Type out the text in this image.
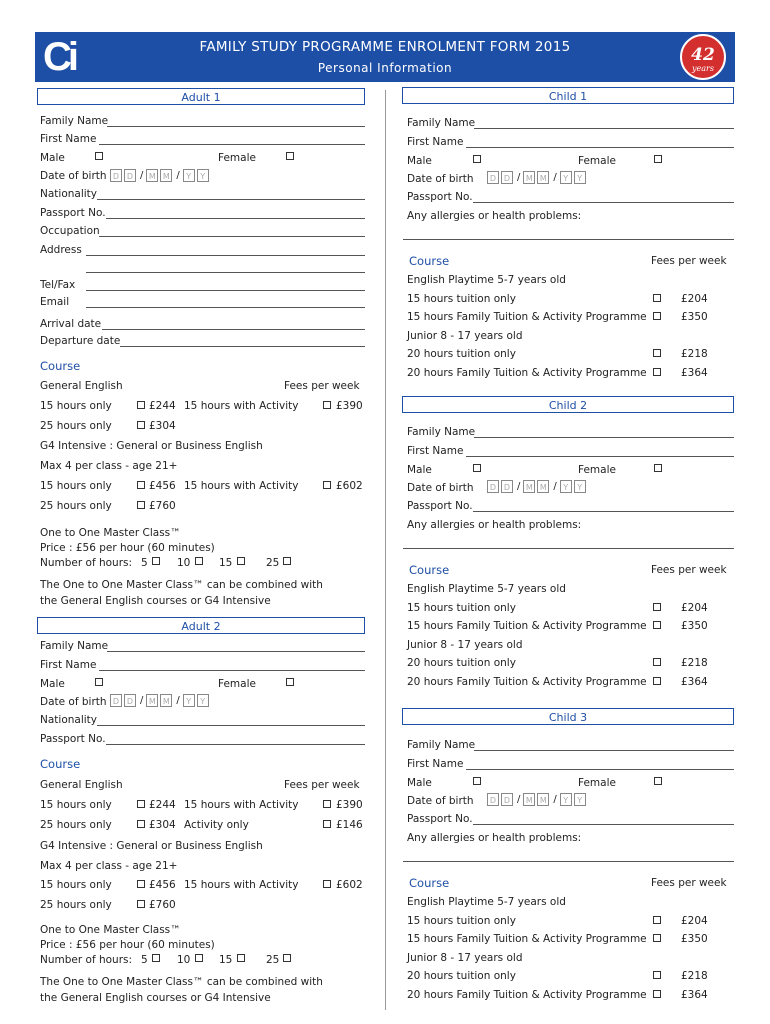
Ci	FAMILY STUDY PROGRAMME ENROLMENT FORM 2015
Personal Information
42
years
Adult 1
Family Name
First Name
Male	Female
Date of birth D D / M M / Y	Y
Nationality
Passport No.
Occupation
Address
Tel/Fax
Email
Arrival date
Departure date
Course
General English	Fees per week
15 hours only	£244 15 hours with Activity	£390
25 hours only	£304
G4 Intensive : General or Business English
Max 4 per class - age 21+
15 hours only	£456 15 hours with Activity	£602
25 hours only	£760
One to One Master Class™
Price : £56 per hour (60 minutes)
Number of hours: 5	10	15	25
The One to One Master Class™ can be combined with
the General English courses or G4 Intensive
Adult 2
Family Name
First Name
Male	Female
Date of birth D D / M M / Y	Y
Nationality
Passport No.
Course
General English	Fees per week
15 hours only	£244 15 hours with Activity	£390
25 hours only	£304 Activity only	£146
G4 Intensive : General or Business English
Max 4 per class - age 21+
15 hours only	£456 15 hours with Activity	£602
25 hours only	£760
One to One Master Class™
Price : £56 per hour (60 minutes)
Number of hours: 5	10	15	25
The One to One Master Class™ can be combined with
the General English courses or G4 Intensive
Child 1
Family Name
First Name
Male	Female
Date of birth	D D / M M / Y	Y
Passport No.
Any allergies or health problems:
Course	Fees per week
English Playtime 5-7 years old
15 hours tuition only	£204
15 hours Family Tuition & Activity Programme	£350
Junior 8 - 17 years old
20 hours tuition only	£218
20 hours Family Tuition & Activity Programme	£364
Child 2
Family Name
First Name
Male	Female
Date of birth	D D / M M / Y	Y
Passport No.
Any allergies or health problems:
Course	Fees per week
English Playtime 5-7 years old
15 hours tuition only	£204
15 hours Family Tuition & Activity Programme	£350
Junior 8 - 17 years old
20 hours tuition only	£218
20 hours Family Tuition & Activity Programme	£364
Child 3
Family Name
First Name
Male	Female
Date of birth	D D / M M / Y	Y
Passport No.
Any allergies or health problems:
Course	Fees per week
English Playtime 5-7 years old
15 hours tuition only	£204
15 hours Family Tuition & Activity Programme	£350
Junior 8 - 17 years old
20 hours tuition only	£218
20 hours Family Tuition & Activity Programme	£364
